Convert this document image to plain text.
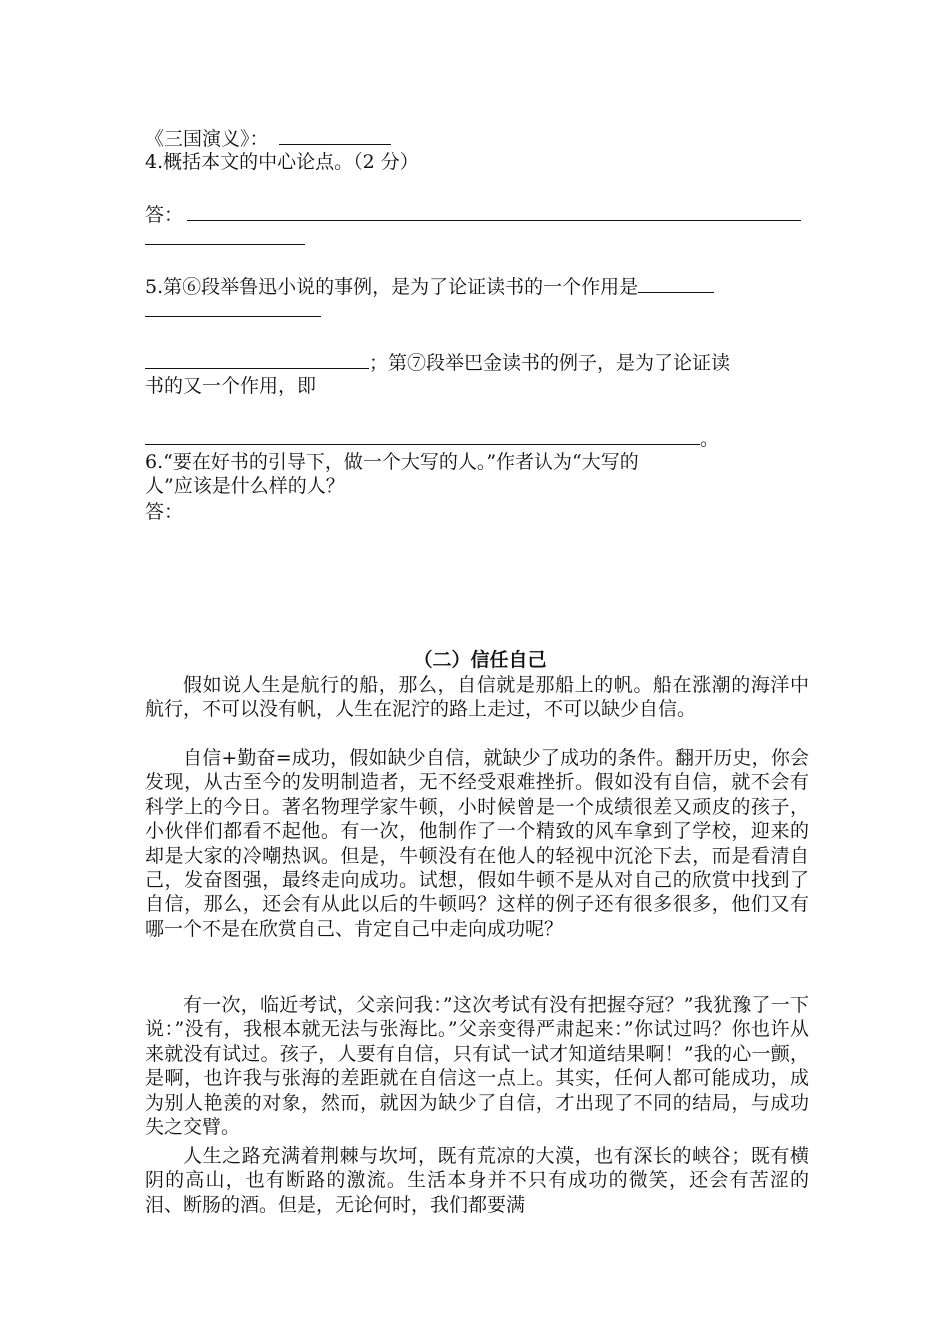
《三国演义》：
4.概括本文的中心论点。（2 分）
答：
5.第⑥段举鲁迅小说的事例，是为了论证读书的一个作用是
；第⑦段举巴金读书的例子，是为了论证读
书的又一个作用，即
。
6.“要在好书的引导下，做一个大写的人。”作者认为“大写的
人”应该是什么样的人？
答：
（二）信任自己

假如说人生是航行的船，那么，自信就是那船上的帆。船在涨潮的海洋中航行，不可以没有帆，人生在泥泞的路上走过，不可以缺少自信。

自信+勤奋=成功，假如缺少自信，就缺少了成功的条件。翻开历史，你会发现，从古至今的发明制造者，无不经受艰难挫折。假如没有自信，就不会有科学上的今日。著名物理学家牛顿，小时候曾是一个成绩很差又顽皮的孩子，小伙伴们都看不起他。有一次，他制作了一个精致的风车拿到了学校，迎来的却是大家的冷嘲热讽。但是，牛顿没有在他人的轻视中沉沦下去，而是看清自己，发奋图强，最终走向成功。试想，假如牛顿不是从对自己的欣赏中找到了自信，那么，还会有从此以后的牛顿吗？这样的例子还有很多很多，他们又有哪一个不是在欣赏自己、肯定自己中走向成功呢？

有一次，临近考试，父亲问我：”这次考试有没有把握夺冠？”我犹豫了一下说：”没有，我根本就无法与张海比。”父亲变得严肃起来：”你试过吗？你也许从来就没有试过。孩子，人要有自信，只有试一试才知道结果啊！”我的心一颤，是啊，也许我与张海的差距就在自信这一点上。其实，任何人都可能成功，成为别人艳羡的对象，然而，就因为缺少了自信，才出现了不同的结局，与成功失之交臂。

人生之路充满着荆棘与坎坷，既有荒凉的大漠，也有深长的峡谷；既有横阴的高山，也有断路的激流。生活本身并不只有成功的微笑，还会有苦涩的泪、断肠的酒。但是，无论何时，我们都要满
